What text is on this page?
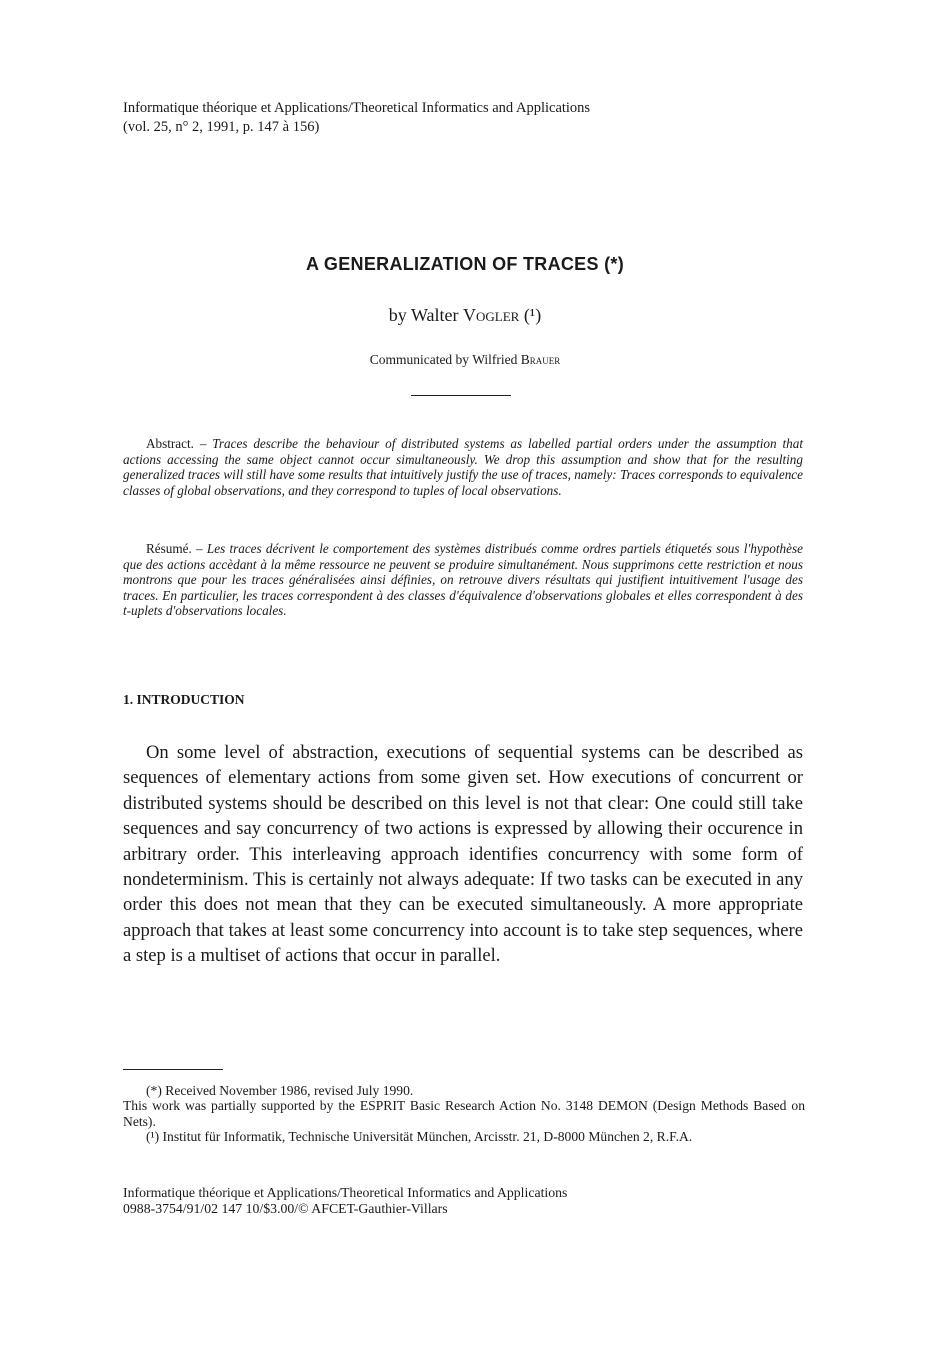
Informatique théorique et Applications/Theoretical Informatics and Applications
(vol. 25, n° 2, 1991, p. 147 à 156)
A GENERALIZATION OF TRACES (*)
by Walter Vogler (¹)
Communicated by Wilfried Brauer
Abstract. – Traces describe the behaviour of distributed systems as labelled partial orders under the assumption that actions accessing the same object cannot occur simultaneously. We drop this assumption and show that for the resulting generalized traces will still have some results that intuitively justify the use of traces, namely: Traces corresponds to equivalence classes of global observations, and they correspond to tuples of local observations.
Résumé. – Les traces décrivent le comportement des systèmes distribués comme ordres partiels étiquetés sous l'hypothèse que des actions accèdant à la même ressource ne peuvent se produire simultanément. Nous supprimons cette restriction et nous montrons que pour les traces généralisées ainsi définies, on retrouve divers résultats qui justifient intuitivement l'usage des traces. En particulier, les traces correspondent à des classes d'équivalence d'observations globales et elles correspondent à des t-uplets d'observations locales.
1. INTRODUCTION
On some level of abstraction, executions of sequential systems can be described as sequences of elementary actions from some given set. How executions of concurrent or distributed systems should be described on this level is not that clear: One could still take sequences and say concurrency of two actions is expressed by allowing their occurence in arbitrary order. This interleaving approach identifies concurrency with some form of nondeterminism. This is certainly not always adequate: If two tasks can be executed in any order this does not mean that they can be executed simultaneously. A more appropriate approach that takes at least some concurrency into account is to take step sequences, where a step is a multiset of actions that occur in parallel.

(*) Received November 1986, revised July 1990.

This work was partially supported by the ESPRIT Basic Research Action No. 3148 DEMON (Design Methods Based on Nets).

(¹) Institut für Informatik, Technische Universität München, Arcisstr. 21, D-8000 München 2, R.F.A.

Informatique théorique et Applications/Theoretical Informatics and Applications
0988-3754/91/02 147 10/$3.00/© AFCET-Gauthier-Villars
